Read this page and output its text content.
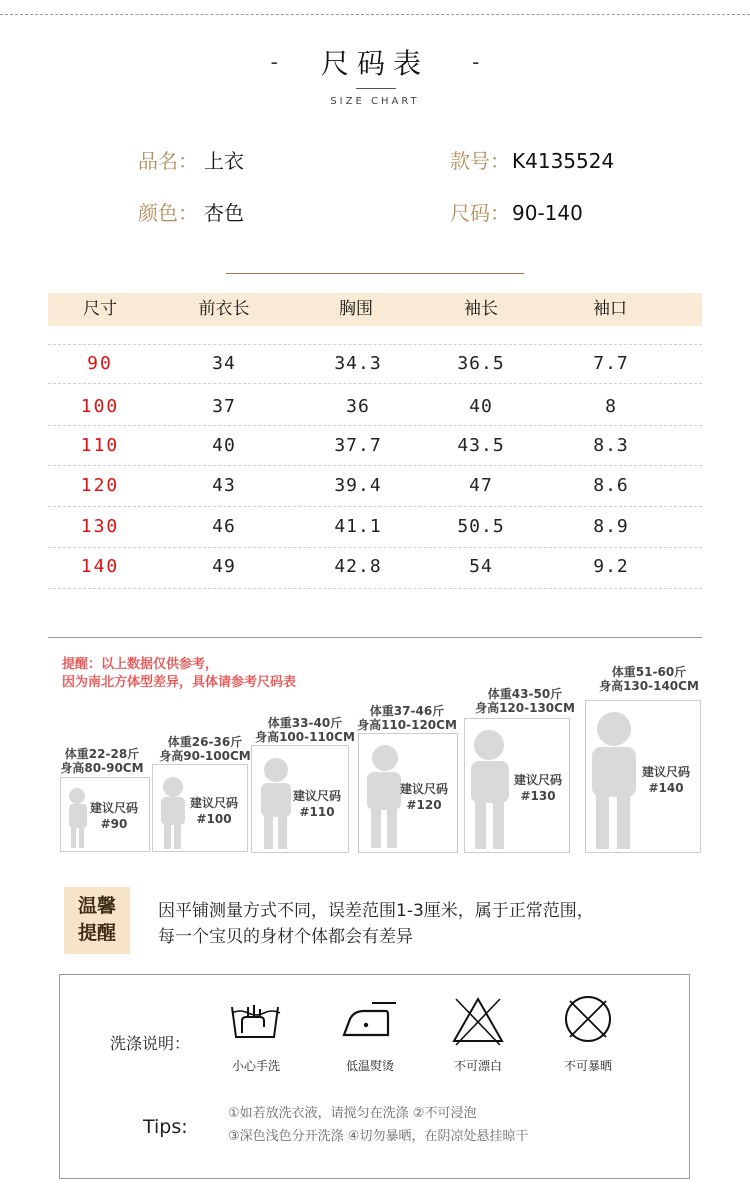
- 尺码表 -
SIZE CHART
品名： 上衣	款号： K4135524
颜色： 杏色	尺码： 90-140
尺寸	前衣长	胸围	袖长	袖口
90	34	34.3	36.5	7.7
100	37	36	40	8
110	40	37.7	43.5	8.3
120	43	39.4	47	8.6
130	46	41.1	50.5	8.9
140	49	42.8	54	9.2
提醒：以上数据仅供参考，
因为南北方体型差异，具体请参考尺码表
体重22-28斤
身高80-90CM
建议尺码
#90
体重26-36斤
身高90-100CM
建议尺码
#100
体重33-40斤
身高100-110CM
建议尺码
#110
体重37-46斤
身高110-120CM
建议尺码
#120
体重43-50斤
身高120-130CM
建议尺码
#130
体重51-60斤
身高130-140CM
建议尺码
#140
温馨
提醒
因平铺测量方式不同，误差范围1-3厘米，属于正常范围，
每一个宝贝的身材个体都会有差异
洗涤说明：
小心手洗	低温熨烫	不可漂白	不可暴晒
Tips:
①如若放洗衣液，请搅匀在洗涤 ②不可浸泡
③深色浅色分开洗涤 ④切勿暴晒，在阴凉处悬挂晾干
